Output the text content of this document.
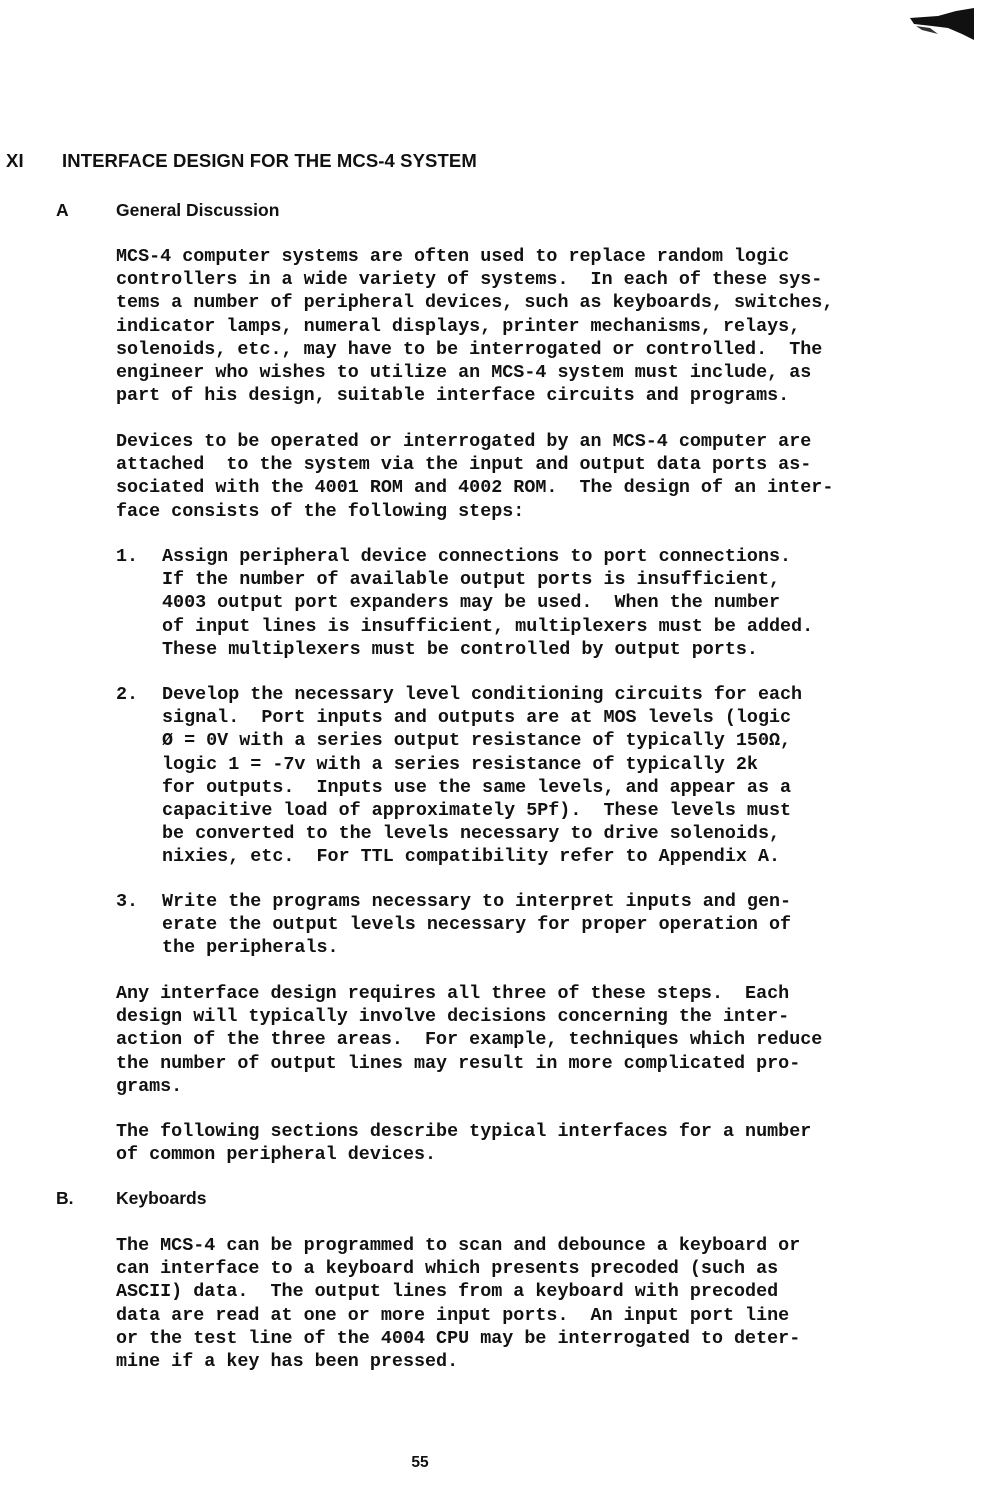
XI INTERFACE DESIGN FOR THE MCS-4 SYSTEM
A	General Discussion

MCS-4 computer systems are often used to replace random logic
controllers in a wide variety of systems.  In each of these sys-
tems a number of peripheral devices, such as keyboards, switches,
indicator lamps, numeral displays, printer mechanisms, relays,
solenoids, etc., may have to be interrogated or controlled.  The
engineer who wishes to utilize an MCS-4 system must include, as
part of his design, suitable interface circuits and programs.

Devices to be operated or interrogated by an MCS-4 computer are
attached  to the system via the input and output data ports as-
sociated with the 4001 ROM and 4002 ROM.  The design of an inter-
face consists of the following steps:

1.

Assign peripheral device connections to port connections.
If the number of available output ports is insufficient,
4003 output port expanders may be used.  When the number
of input lines is insufficient, multiplexers must be added.
These multiplexers must be controlled by output ports.

2.

Develop the necessary level conditioning circuits for each
signal.  Port inputs and outputs are at MOS levels (logic
Ø = 0V with a series output resistance of typically 150Ω,
logic 1 = -7v with a series resistance of typically 2k
for outputs.  Inputs use the same levels, and appear as a
capacitive load of approximately 5Pf).  These levels must
be converted to the levels necessary to drive solenoids,
nixies, etc.  For TTL compatibility refer to Appendix A.

3.

Write the programs necessary to interpret inputs and gen-
erate the output levels necessary for proper operation of
the peripherals.

Any interface design requires all three of these steps.  Each
design will typically involve decisions concerning the inter-
action of the three areas.  For example, techniques which reduce
the number of output lines may result in more complicated pro-
grams.

The following sections describe typical interfaces for a number
of common peripheral devices.

B. Keyboards

The MCS-4 can be programmed to scan and debounce a keyboard or
can interface to a keyboard which presents precoded (such as
ASCII) data.  The output lines from a keyboard with precoded
data are read at one or more input ports.  An input port line
or the test line of the 4004 CPU may be interrogated to deter-
mine if a key has been pressed.

55
